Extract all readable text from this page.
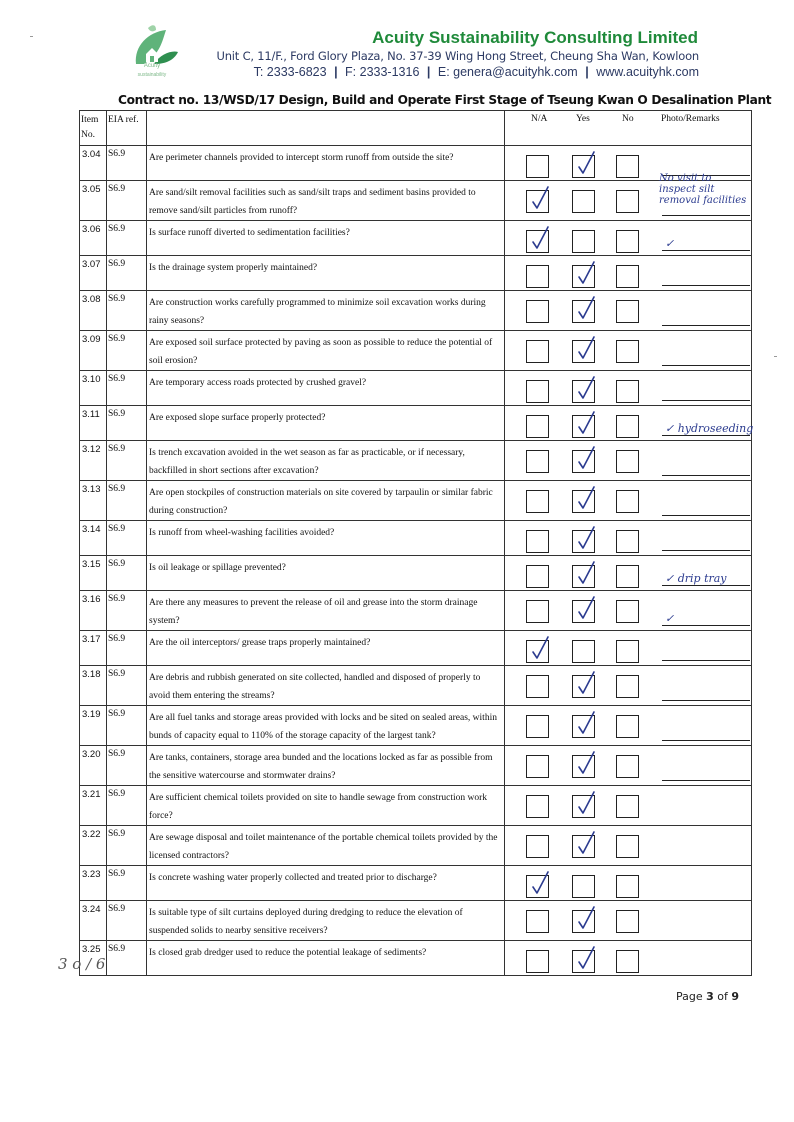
Acuity
sustainability
Acuity Sustainability Consulting Limited
Unit C, 11/F., Ford Glory Plaza, No. 37-39 Wing Hong Street, Cheung Sha Wan, Kowloon
T: 2333-6823 | F: 2333-1316 | E: genera@acuityhk.com | www.acuityhk.com
Contract no. 13/WSD/17 Design, Build and Operate First Stage of Tseung Kwan O Desalination Plant
Item No.	EIA ref.		N/A Yes No Photo/Remarks

3.04	S6.9	Are perimeter channels provided to intercept storm runoff from outside the site?	

3.05	S6.9	Are sand/silt removal facilities such as sand/silt traps and sediment basins provided to remove sand/silt particles from runoff?	No visit to
inspect silt
removal facilities

3.06	S6.9	Is surface runoff diverted to sedimentation facilities?	✓

3.07	S6.9	Is the drainage system properly maintained?	

3.08	S6.9	Are construction works carefully programmed to minimize soil excavation works during rainy seasons?	

3.09	S6.9	Are exposed soil surface protected by paving as soon as possible to reduce the potential of soil erosion?	

3.10	S6.9	Are temporary access roads protected by crushed gravel?	

3.11	S6.9	Are exposed slope surface properly protected?	✓ hydroseeding

3.12	S6.9	Is trench excavation avoided in the wet season as far as practicable, or if necessary, backfilled in short sections after excavation?	

3.13	S6.9	Are open stockpiles of construction materials on site covered by tarpaulin or similar fabric during construction?	

3.14	S6.9	Is runoff from wheel-washing facilities avoided?	

3.15	S6.9	Is oil leakage or spillage prevented?	✓ drip tray

3.16	S6.9	Are there any measures to prevent the release of oil and grease into the storm drainage system?	✓

3.17	S6.9	Are the oil interceptors/ grease traps properly maintained?	

3.18	S6.9	Are debris and rubbish generated on site collected, handled and disposed of properly to avoid them entering the streams?	

3.19	S6.9	Are all fuel tanks and storage areas provided with locks and be sited on sealed areas, within bunds of capacity equal to 110% of the storage capacity of the largest tank?	

3.20	S6.9	Are tanks, containers, storage area bunded and the locations locked as far as possible from the sensitive watercourse and stormwater drains?	

3.21	S6.9	Are sufficient chemical toilets provided on site to handle sewage from construction work force?	

3.22	S6.9	Are sewage disposal and toilet maintenance of the portable chemical toilets provided by the licensed contractors?	

3.23	S6.9	Is concrete washing water properly collected and treated prior to discharge?	

3.24	S6.9	Is suitable type of silt curtains deployed during dredging to reduce the elevation of suspended solids to nearby sensitive receivers?	

3.25	S6.9	Is closed grab dredger used to reduce the potential leakage of sediments?	
3 o / 6
Page 3 of 9
